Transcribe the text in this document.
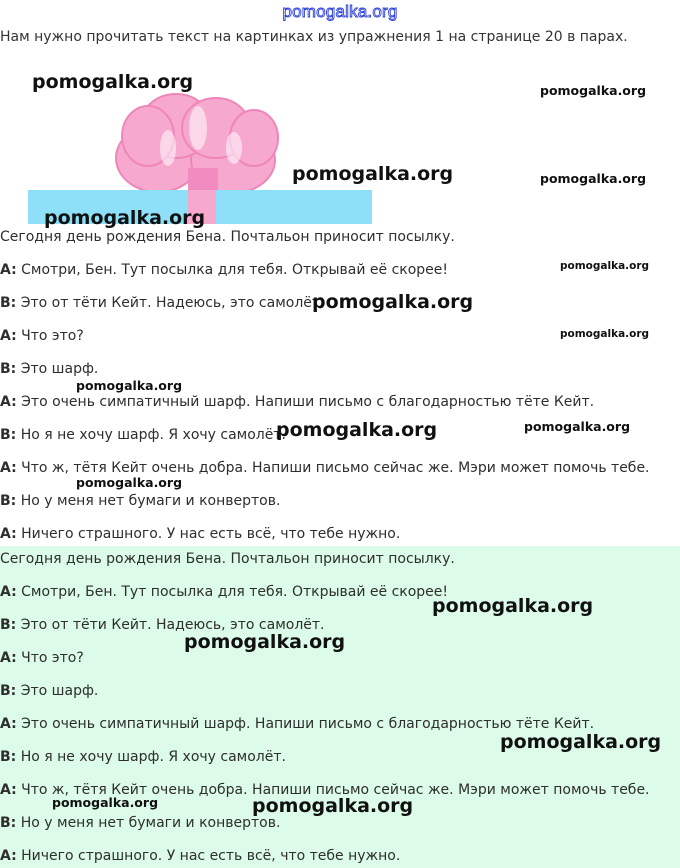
pomogalka.org
Нам нужно прочитать текст на картинках из упражнения 1 на странице 20 в парах.
Сегодня день рождения Бена. Почтальон приносит посылку.
A: Смотри, Бен. Тут посылка для тебя. Открывай её скорее!
B: Это от тёти Кейт. Надеюсь, это самолёт.
A: Что это?
B: Это шарф.
A: Это очень симпатичный шарф. Напиши письмо с благодарностью тёте Кейт.
B: Но я не хочу шарф. Я хочу самолёт.
A: Что ж, тётя Кейт очень добра. Напиши письмо сейчас же. Мэри может помочь тебе.
B: Но у меня нет бумаги и конвертов.
A: Ничего страшного. У нас есть всё, что тебе нужно.
Сегодня день рождения Бена. Почтальон приносит посылку.
A: Смотри, Бен. Тут посылка для тебя. Открывай её скорее!
B: Это от тёти Кейт. Надеюсь, это самолёт.
A: Что это?
B: Это шарф.
A: Это очень симпатичный шарф. Напиши письмо с благодарностью тёте Кейт.
B: Но я не хочу шарф. Я хочу самолёт.
A: Что ж, тётя Кейт очень добра. Напиши письмо сейчас же. Мэри может помочь тебе.
B: Но у меня нет бумаги и конвертов.
A: Ничего страшного. У нас есть всё, что тебе нужно.
pomogalka.org	pomogalka.org
pomogalka.org	pomogalka.org
pomogalka.org
pomogalka.org
pomogalka.org
pomogalka.org
pomogalka.org
pomogalka.org	pomogalka.org
pomogalka.org
pomogalka.org
pomogalka.org
pomogalka.org
pomogalka.org	pomogalka.org
